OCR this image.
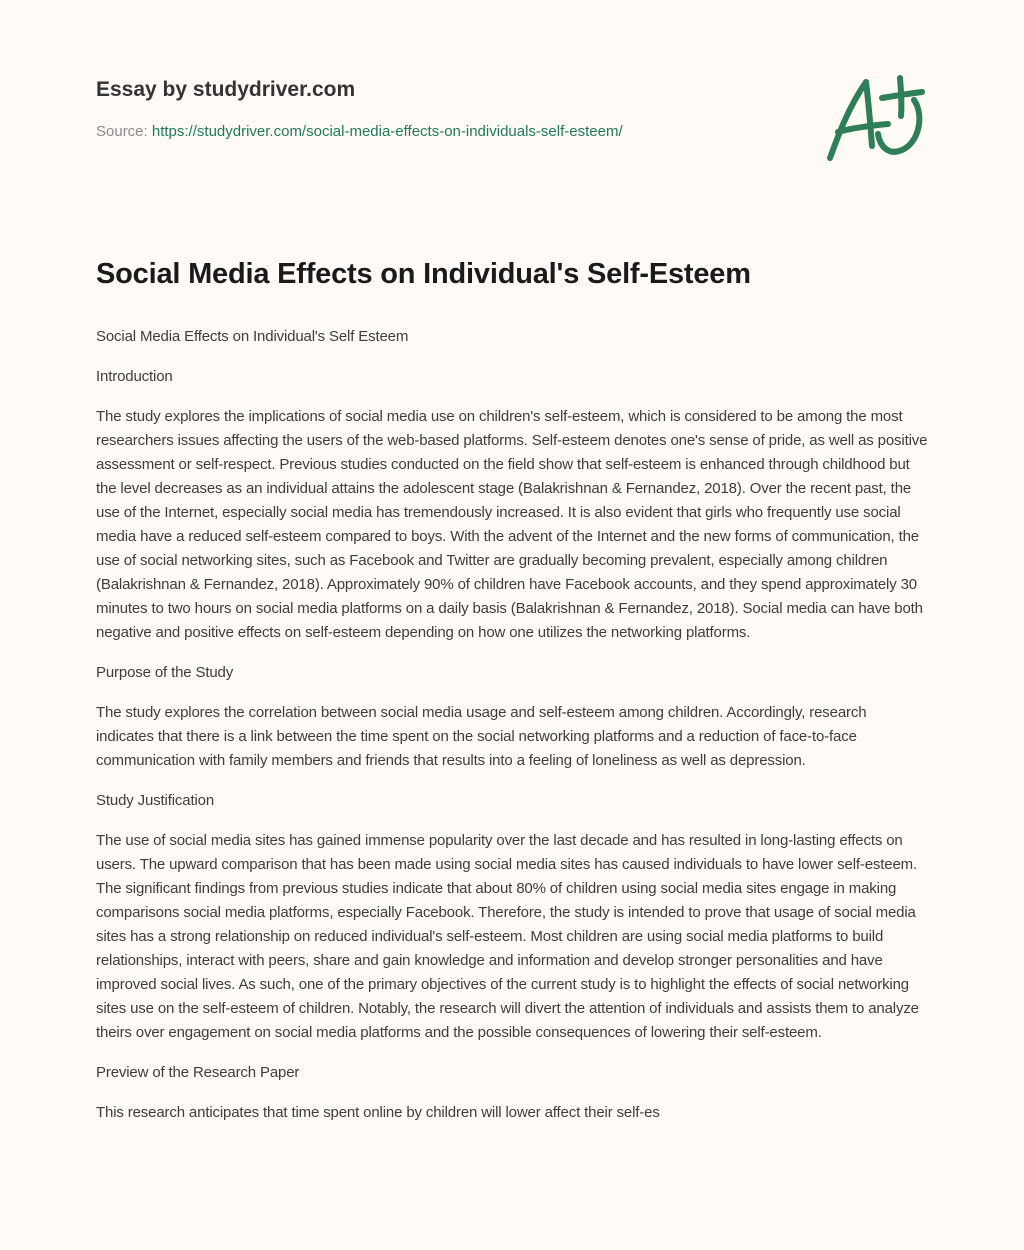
Essay by studydriver.com
Source: https://studydriver.com/social-media-effects-on-individuals-self-esteem/
Social Media Effects on Individual's Self-Esteem

Social Media Effects on Individual's Self Esteem

Introduction

The study explores the implications of social media use on children's self-esteem, which is considered to be among the most researchers issues affecting the users of the web-based platforms. Self-esteem denotes one's sense of pride, as well as positive assessment or self-respect. Previous studies conducted on the field show that self-esteem is enhanced through childhood but the level decreases as an individual attains the adolescent stage (Balakrishnan & Fernandez, 2018). Over the recent past, the use of the Internet, especially social media has tremendously increased. It is also evident that girls who frequently use social media have a reduced self-esteem compared to boys. With the advent of the Internet and the new forms of communication, the use of social networking sites, such as Facebook and Twitter are gradually becoming prevalent, especially among children (Balakrishnan & Fernandez, 2018). Approximately 90% of children have Facebook accounts, and they spend approximately 30 minutes to two hours on social media platforms on a daily basis (Balakrishnan & Fernandez, 2018). Social media can have both negative and positive effects on self-esteem depending on how one utilizes the networking platforms.

Purpose of the Study

The study explores the correlation between social media usage and self-esteem among children. Accordingly, research indicates that there is a link between the time spent on the social networking platforms and a reduction of face-to-face communication with family members and friends that results into a feeling of loneliness as well as depression.

Study Justification

The use of social media sites has gained immense popularity over the last decade and has resulted in long-lasting effects on users. The upward comparison that has been made using social media sites has caused individuals to have lower self-esteem. The significant findings from previous studies indicate that about 80% of children using social media sites engage in making comparisons social media platforms, especially Facebook. Therefore, the study is intended to prove that usage of social media sites has a strong relationship on reduced individual's self-esteem. Most children are using social media platforms to build relationships, interact with peers, share and gain knowledge and information and develop stronger personalities and have improved social lives. As such, one of the primary objectives of the current study is to highlight the effects of social networking sites use on the self-esteem of children. Notably, the research will divert the attention of individuals and assists them to analyze theirs over engagement on social media platforms and the possible consequences of lowering their self-esteem.

Preview of the Research Paper

This research anticipates that time spent online by children will lower affect their self-es
